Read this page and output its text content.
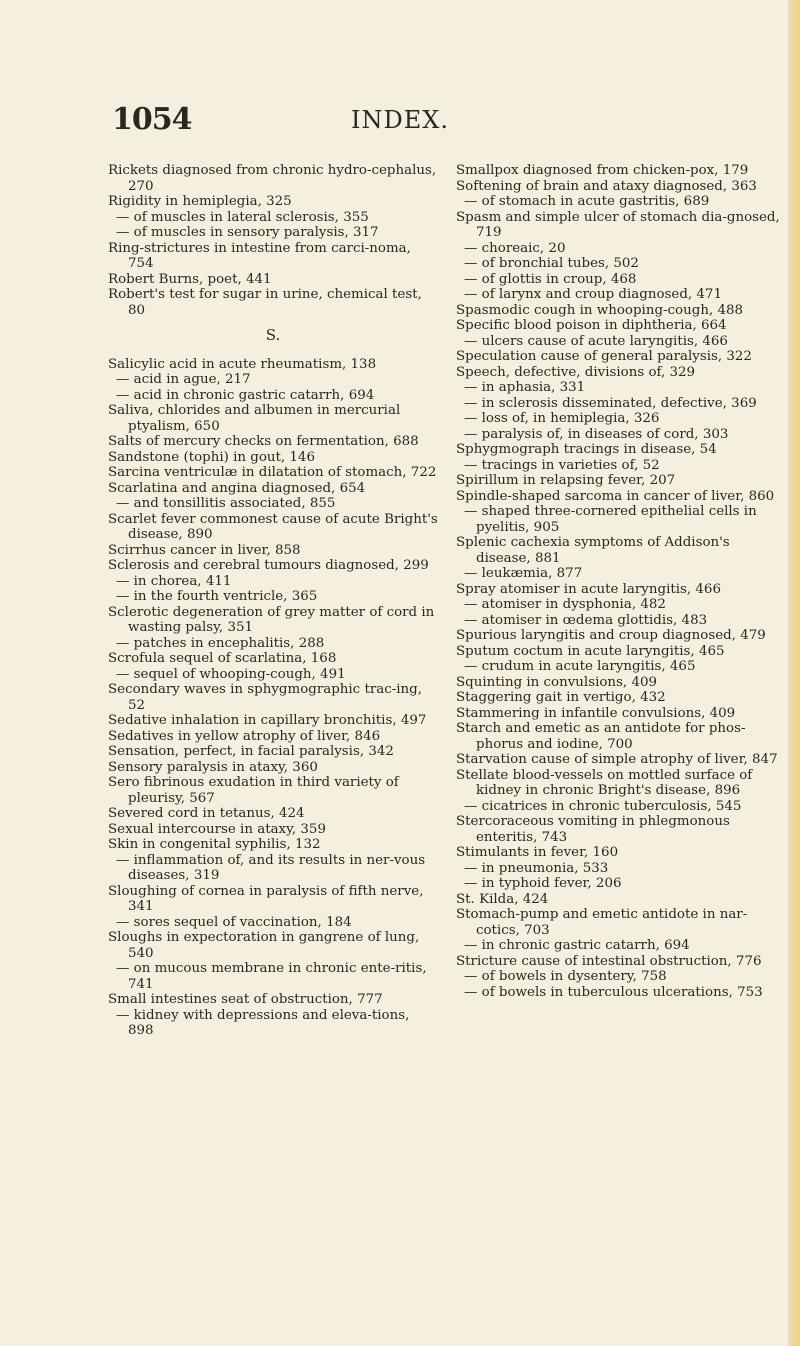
1054	INDEX.

Rickets diagnosed from chronic hydro-cephalus, 270

Rigidity in hemiplegia, 325

— of muscles in lateral sclerosis, 355

— of muscles in sensory paralysis, 317

Ring-strictures in intestine from carci-noma, 754

Robert Burns, poet, 441

Robert's test for sugar in urine, chemical test, 80

S.

Salicylic acid in acute rheumatism, 138

— acid in ague, 217

— acid in chronic gastric catarrh, 694

Saliva, chlorides and albumen in mercurial ptyalism, 650

Salts of mercury checks on fermentation, 688

Sandstone (tophi) in gout, 146

Sarcina ventriculæ in dilatation of stomach, 722

Scarlatina and angina diagnosed, 654

— and tonsillitis associated, 855

Scarlet fever commonest cause of acute Bright's disease, 890

Scirrhus cancer in liver, 858

Sclerosis and cerebral tumours diagnosed, 299

— in chorea, 411

— in the fourth ventricle, 365

Sclerotic degeneration of grey matter of cord in wasting palsy, 351

— patches in encephalitis, 288

Scrofula sequel of scarlatina, 168

— sequel of whooping-cough, 491

Secondary waves in sphygmographic trac-ing, 52

Sedative inhalation in capillary bronchitis, 497

Sedatives in yellow atrophy of liver, 846

Sensation, perfect, in facial paralysis, 342

Sensory paralysis in ataxy, 360

Sero fibrinous exudation in third variety of pleurisy, 567

Severed cord in tetanus, 424

Sexual intercourse in ataxy, 359

Skin in congenital syphilis, 132

— inflammation of, and its results in ner-vous diseases, 319

Sloughing of cornea in paralysis of fifth nerve, 341

— sores sequel of vaccination, 184

Sloughs in expectoration in gangrene of lung, 540

— on mucous membrane in chronic ente-ritis, 741

Small intestines seat of obstruction, 777

— kidney with depressions and eleva-tions, 898

Smallpox diagnosed from chicken-pox, 179

Softening of brain and ataxy diagnosed, 363

— of stomach in acute gastritis, 689

Spasm and simple ulcer of stomach dia-gnosed, 719

— choreaic, 20

— of bronchial tubes, 502

— of glottis in croup, 468

— of larynx and croup diagnosed, 471

Spasmodic cough in whooping-cough, 488

Specific blood poison in diphtheria, 664

— ulcers cause of acute laryngitis, 466

Speculation cause of general paralysis, 322

Speech, defective, divisions of, 329

— in aphasia, 331

— in sclerosis disseminated, defective, 369

— loss of, in hemiplegia, 326

— paralysis of, in diseases of cord, 303

Sphygmograph tracings in disease, 54

— tracings in varieties of, 52

Spirillum in relapsing fever, 207

Spindle-shaped sarcoma in cancer of liver, 860

— shaped three-cornered epithelial cells in pyelitis, 905

Splenic cachexia symptoms of Addison's disease, 881

— leukæmia, 877

Spray atomiser in acute laryngitis, 466

— atomiser in dysphonia, 482

— atomiser in œdema glottidis, 483

Spurious laryngitis and croup diagnosed, 479

Sputum coctum in acute laryngitis, 465

— crudum in acute laryngitis, 465

Squinting in convulsions, 409

Staggering gait in vertigo, 432

Stammering in infantile convulsions, 409

Starch and emetic as an antidote for phos-phorus and iodine, 700

Starvation cause of simple atrophy of liver, 847

Stellate blood-vessels on mottled surface of kidney in chronic Bright's disease, 896

— cicatrices in chronic tuberculosis, 545

Stercoraceous vomiting in phlegmonous enteritis, 743

Stimulants in fever, 160

— in pneumonia, 533

— in typhoid fever, 206

St. Kilda, 424

Stomach-pump and emetic antidote in nar-cotics, 703

— in chronic gastric catarrh, 694

Stricture cause of intestinal obstruction, 776

— of bowels in dysentery, 758

— of bowels in tuberculous ulcerations, 753
